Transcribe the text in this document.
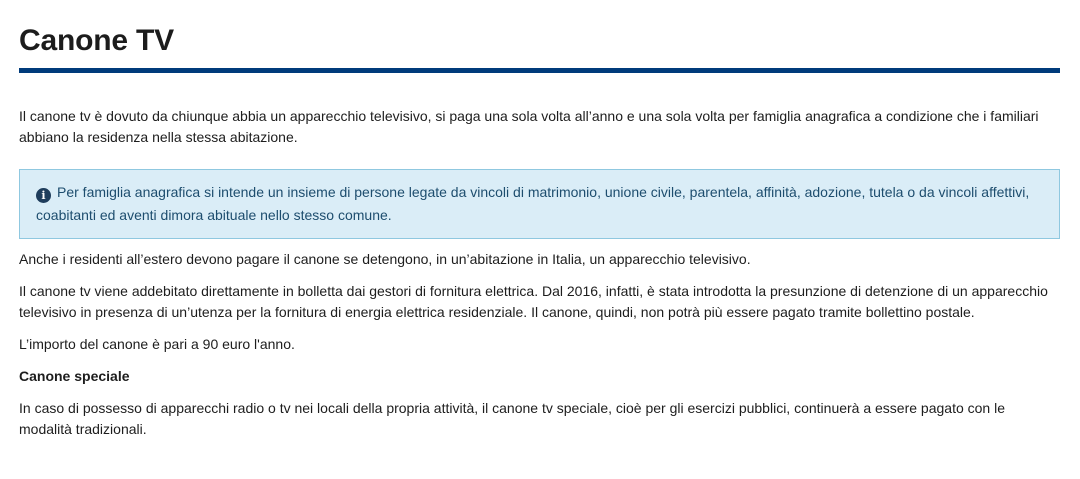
Canone TV

Il canone tv è dovuto da chiunque abbia un apparecchio televisivo, si paga una sola volta all’anno e una sola volta per famiglia anagrafica a condizione che i familiari abbiano la residenza nella stessa abitazione.

i Per famiglia anagrafica si intende un insieme di persone legate da vincoli di matrimonio, unione civile, parentela, affinità, adozione, tutela o da vincoli affettivi, coabitanti ed aventi dimora abituale nello stesso comune.

Anche i residenti all’estero devono pagare il canone se detengono, in un’abitazione in Italia, un apparecchio televisivo.

Il canone tv viene addebitato direttamente in bolletta dai gestori di fornitura elettrica. Dal 2016, infatti, è stata introdotta la presunzione di detenzione di un apparecchio televisivo in presenza di un’utenza per la fornitura di energia elettrica residenziale. Il canone, quindi, non potrà più essere pagato tramite bollettino postale.

L’importo del canone è pari a 90 euro l'anno.

Canone speciale

In caso di possesso di apparecchi radio o tv nei locali della propria attività, il canone tv speciale, cioè per gli esercizi pubblici, continuerà a essere pagato con le modalità tradizionali.
